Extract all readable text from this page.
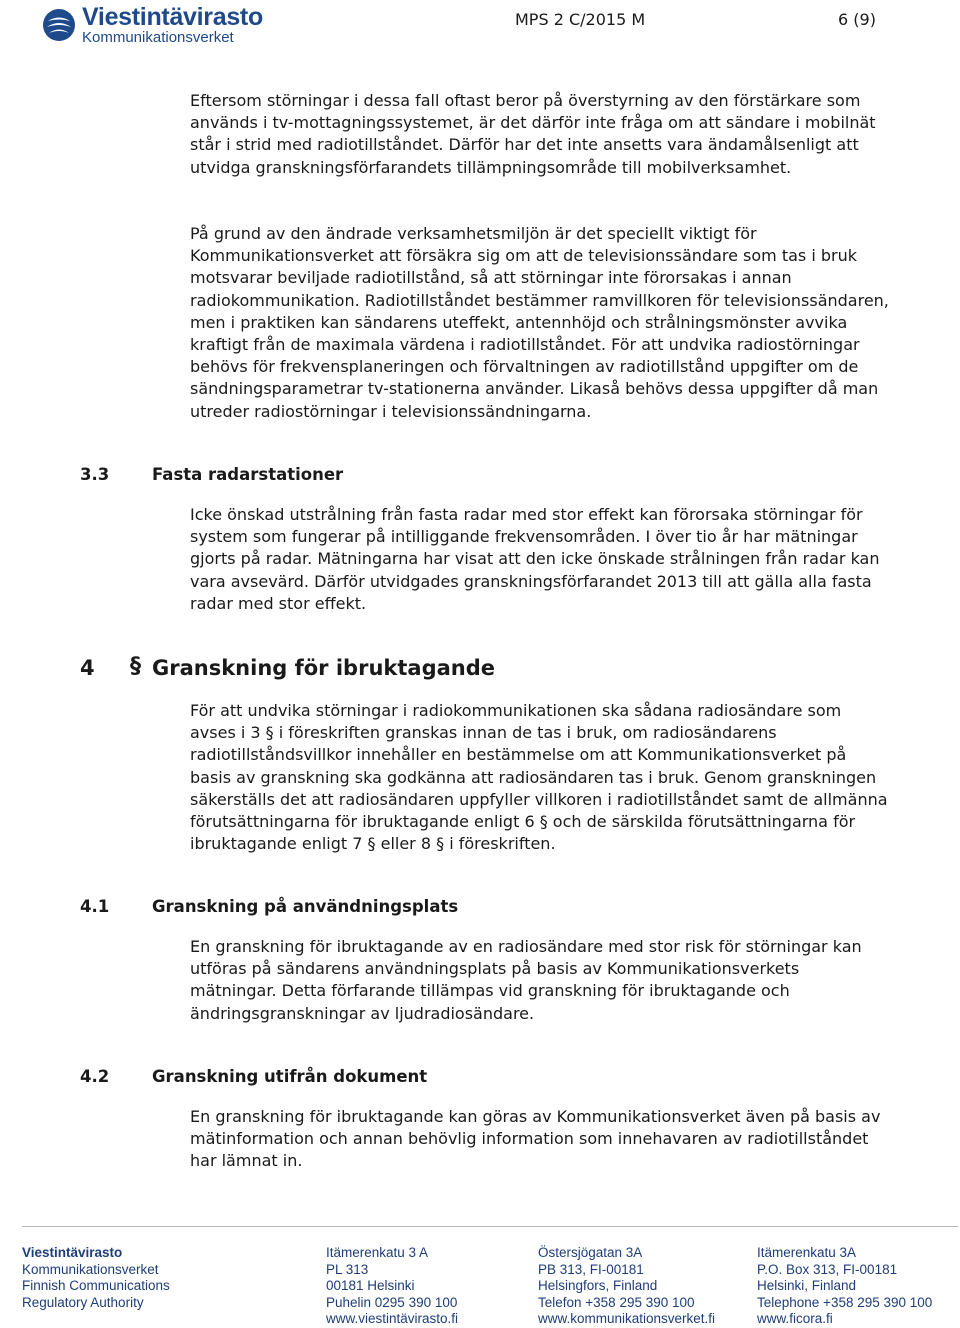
Viestintävirasto
Kommunikationsverket
MPS 2 C/2015 M	6 (9)

Eftersom störningar i dessa fall oftast beror på överstyrning av den förstärkare som används i tv-mottagningssystemet, är det därför inte fråga om att sändare i mobilnät står i strid med radiotillståndet. Därför har det inte ansetts vara ändamålsenligt att utvidga granskningsförfarandets tillämpningsområde till mobilverksamhet.

På grund av den ändrade verksamhetsmiljön är det speciellt viktigt för Kommunikationsverket att försäkra sig om att de televisionssändare som tas i bruk motsvarar beviljade radiotillstånd, så att störningar inte förorsakas i annan radiokommunikation. Radiotillståndet bestämmer ramvillkoren för televisionssändaren, men i praktiken kan sändarens uteffekt, antennhöjd och strålningsmönster avvika kraftigt från de maximala värdena i radiotillståndet. För att undvika radiostörningar behövs för frekvensplaneringen och förvaltningen av radiotillstånd uppgifter om de sändningsparametrar tv-stationerna använder. Likaså behövs dessa uppgifter då man utreder radiostörningar i televisionssändningarna.

3.3	Fasta radarstationer

Icke önskad utstrålning från fasta radar med stor effekt kan förorsaka störningar för system som fungerar på intilliggande frekvensområden. I över tio år har mätningar gjorts på radar. Mätningarna har visat att den icke önskade strålningen från radar kan vara avsevärd. Därför utvidgades granskningsförfarandet 2013 till att gälla alla fasta radar med stor effekt.

4 § Granskning för ibruktagande

För att undvika störningar i radiokommunikationen ska sådana radiosändare som avses i 3 § i föreskriften granskas innan de tas i bruk, om radiosändarens radiotillståndsvillkor innehåller en bestämmelse om att Kommunikationsverket på basis av granskning ska godkänna att radiosändaren tas i bruk. Genom granskningen säkerställs det att radiosändaren uppfyller villkoren i radiotillståndet samt de allmänna förutsättningarna för ibruktagande enligt 6 § och de särskilda förutsättningarna för ibruktagande enligt 7 § eller 8 § i föreskriften.

4.1	Granskning på användningsplats

En granskning för ibruktagande av en radiosändare med stor risk för störningar kan utföras på sändarens användningsplats på basis av Kommunikationsverkets mätningar. Detta förfarande tillämpas vid granskning för ibruktagande och ändringsgranskningar av ljudradiosändare.

4.2	Granskning utifrån dokument

En granskning för ibruktagande kan göras av Kommunikationsverket även på basis av mätinformation och annan behövlig information som innehavaren av radiotillståndet har lämnat in.

Viestintävirasto
Kommunikationsverket
Finnish Communications
Regulatory Authority
Itämerenkatu 3 A
PL 313
00181 Helsinki
Puhelin 0295 390 100
www.viestintävirasto.fi
Östersjögatan 3A
PB 313, FI-00181
Helsingfors, Finland
Telefon +358 295 390 100
www.kommunikationsverket.fi
Itämerenkatu 3A
P.O. Box 313, FI-00181
Helsinki, Finland
Telephone +358 295 390 100
www.ficora.fi
